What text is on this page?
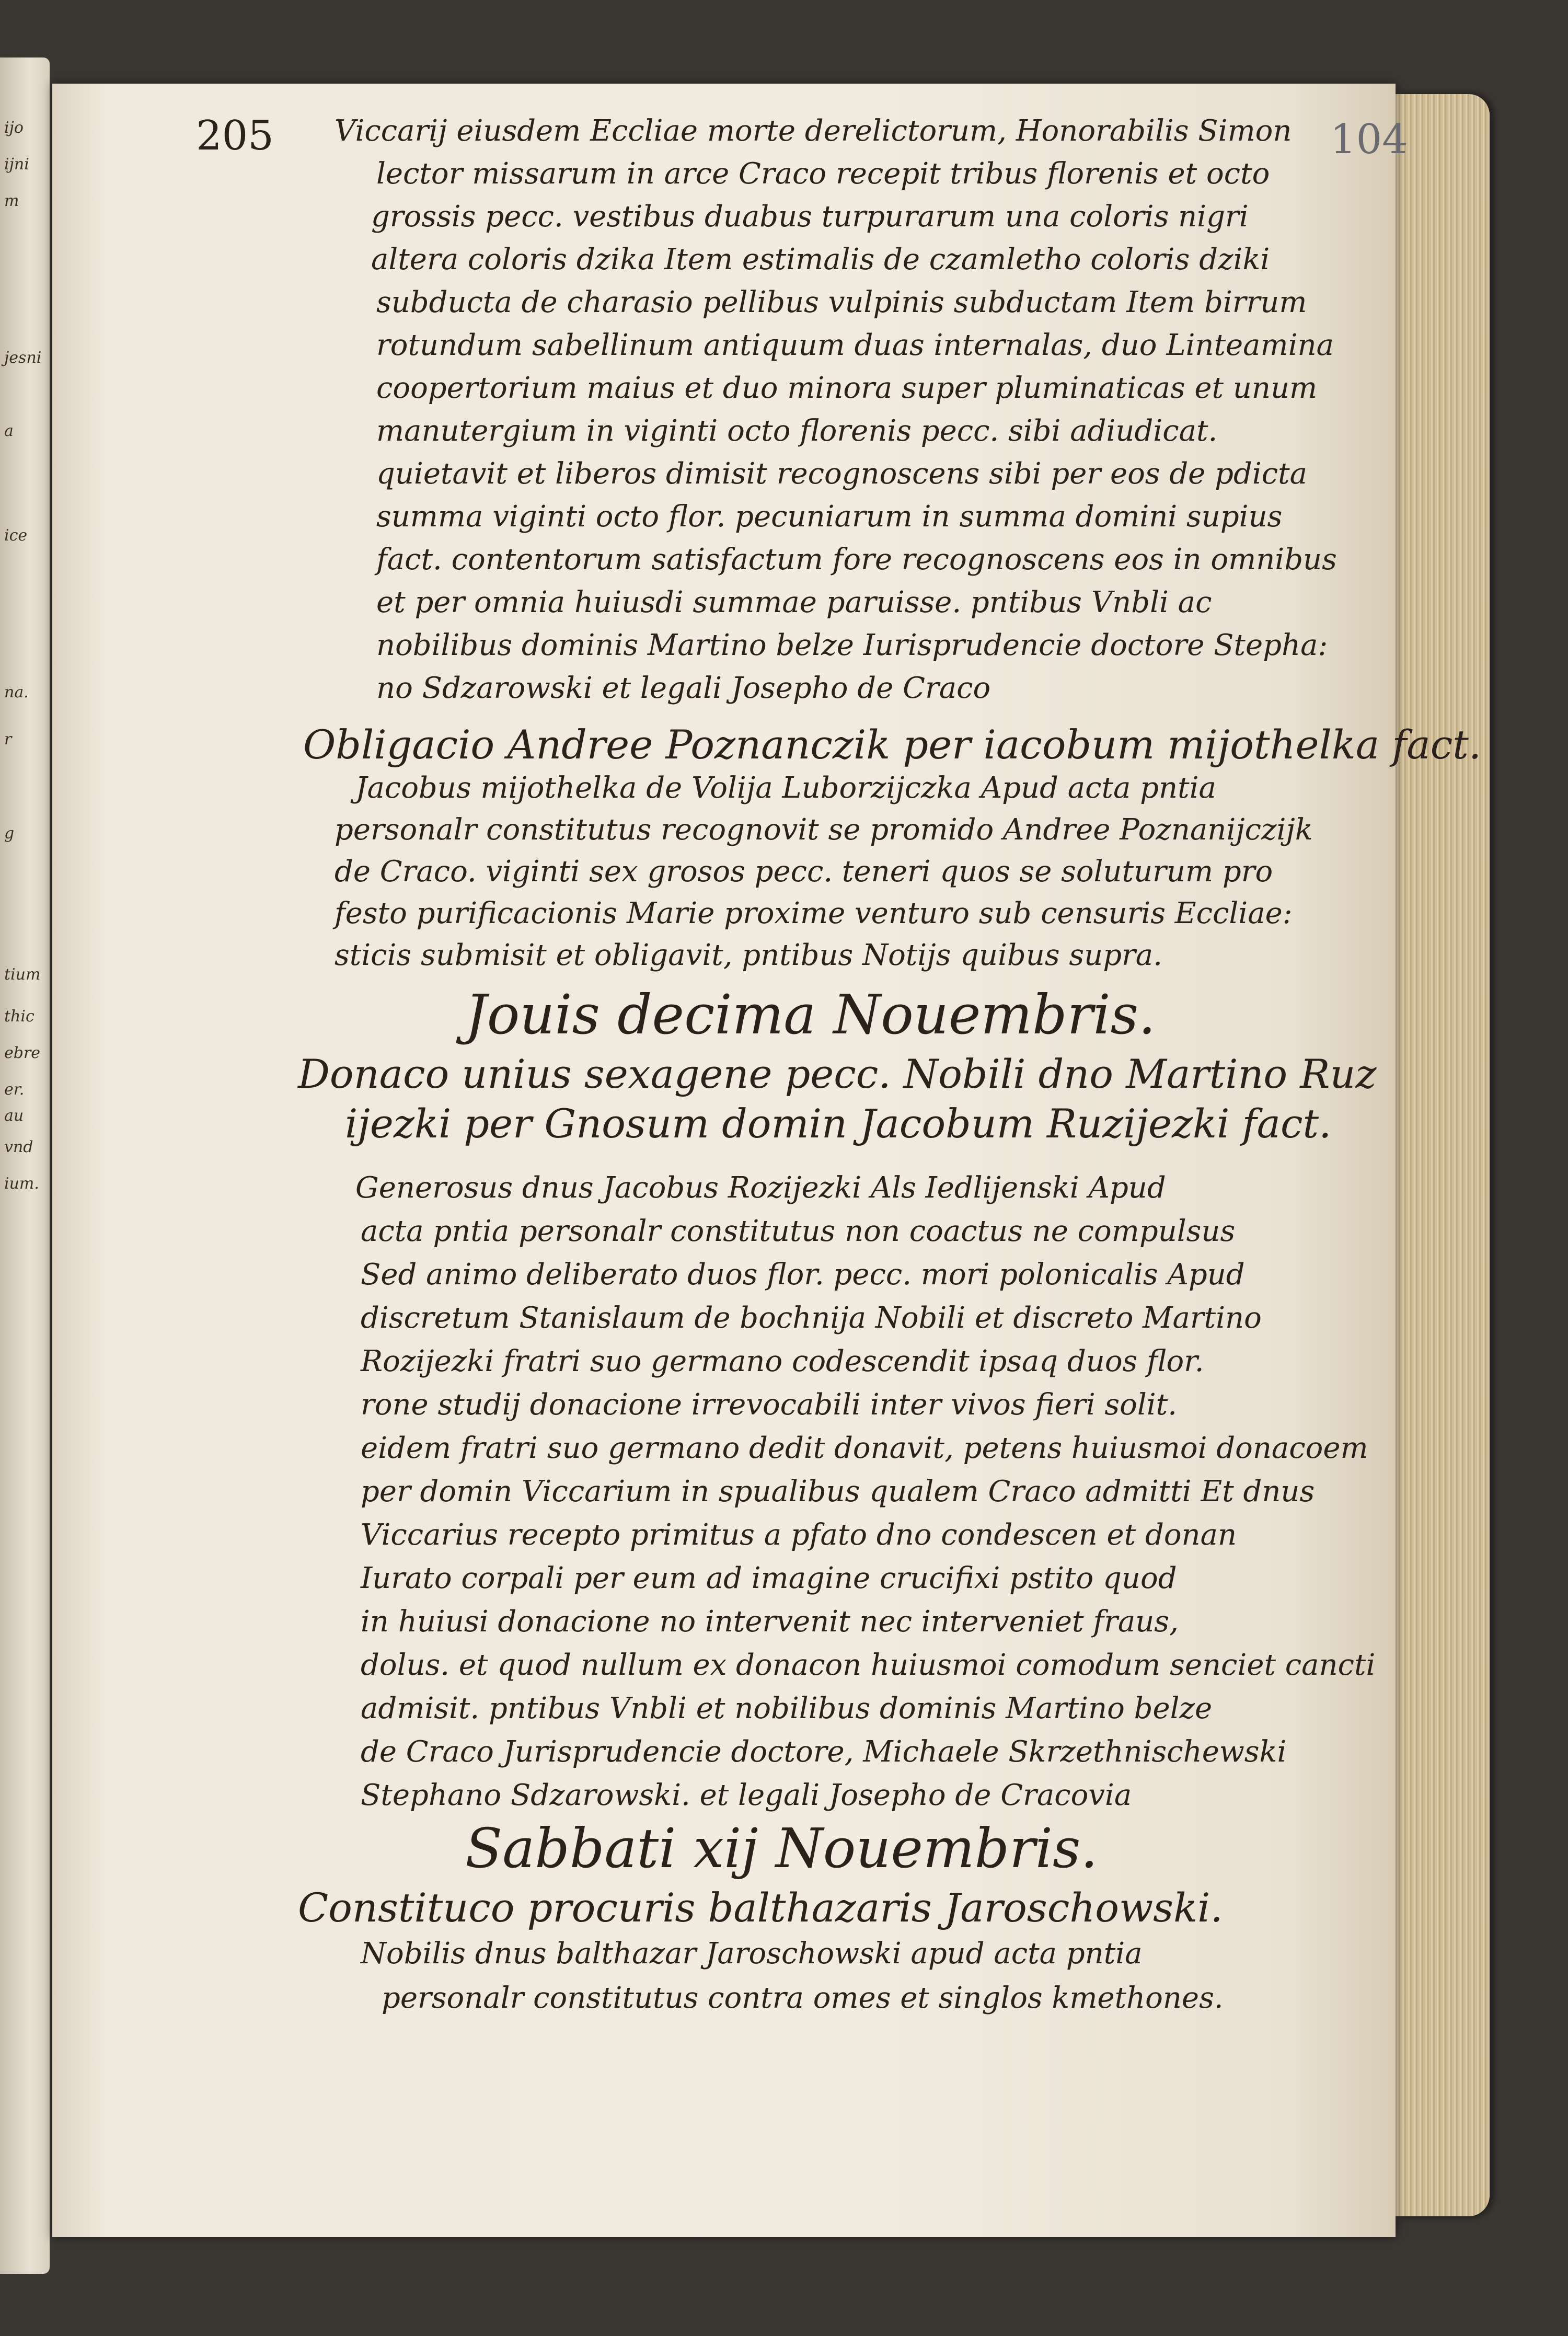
ijo
ijni
m
jesni
a
ice
na.
r
g
tium
thic
ebre
er.
au
vnd
ium.
205	104

Viccarij eiusdem Eccliae morte derelictorum, Honorabilis Simon

lector missarum in arce Craco recepit tribus florenis et octo

grossis pecc. vestibus duabus turpurarum una coloris nigri

altera coloris dzika Item estimalis de czamletho coloris dziki

subducta de charasio pellibus vulpinis subductam Item birrum

rotundum sabellinum antiquum duas internalas, duo Linteamina

coopertorium maius et duo minora super pluminaticas et unum

manutergium in viginti octo florenis pecc. sibi adiudicat.

quietavit et liberos dimisit recognoscens sibi per eos de pdicta

summa viginti octo flor. pecuniarum in summa domini supius

fact. contentorum satisfactum fore recognoscens eos in omnibus

et per omnia huiusdi summae paruisse. pntibus Vnbli ac

nobilibus dominis Martino belze Iurisprudencie doctore Stepha:

no Sdzarowski et legali Josepho de Craco

Obligacio Andree Poznanczik per iacobum mijothelka fact.

Jacobus mijothelka de Volija Luborzijczka Apud acta pntia

personalr constitutus recognovit se promido Andree Poznanijczijk

de Craco. viginti sex grosos pecc. teneri quos se soluturum pro

festo purificacionis Marie proxime venturo sub censuris Eccliae:

sticis submisit et obligavit, pntibus Notijs quibus supra.

Jouis decima Nouembris.

Donaco unius sexagene pecc. Nobili dno Martino Ruz

ijezki per Gnosum domin Jacobum Ruzijezki fact.

Generosus dnus Jacobus Rozijezki Als Iedlijenski Apud

acta pntia personalr constitutus non coactus ne compulsus

Sed animo deliberato duos flor. pecc. mori polonicalis Apud

discretum Stanislaum de bochnija Nobili et discreto Martino

Rozijezki fratri suo germano codescendit ipsaq duos flor.

rone studij donacione irrevocabili inter vivos fieri solit.

eidem fratri suo germano dedit donavit, petens huiusmoi donacoem

per domin Viccarium in spualibus qualem Craco admitti Et dnus

Viccarius recepto primitus a pfato dno condescen et donan

Iurato corpali per eum ad imagine crucifixi pstito quod

in huiusi donacione no intervenit nec interveniet fraus,

dolus. et quod nullum ex donacon huiusmoi comodum senciet cancti

admisit. pntibus Vnbli et nobilibus dominis Martino belze

de Craco Jurisprudencie doctore, Michaele Skrzethnischewski

Stephano Sdzarowski. et legali Josepho de Cracovia

Sabbati xij Nouembris.

Constituco procuris balthazaris Jaroschowski.

Nobilis dnus balthazar Jaroschowski apud acta pntia

personalr constitutus contra omes et singlos kmethones.
